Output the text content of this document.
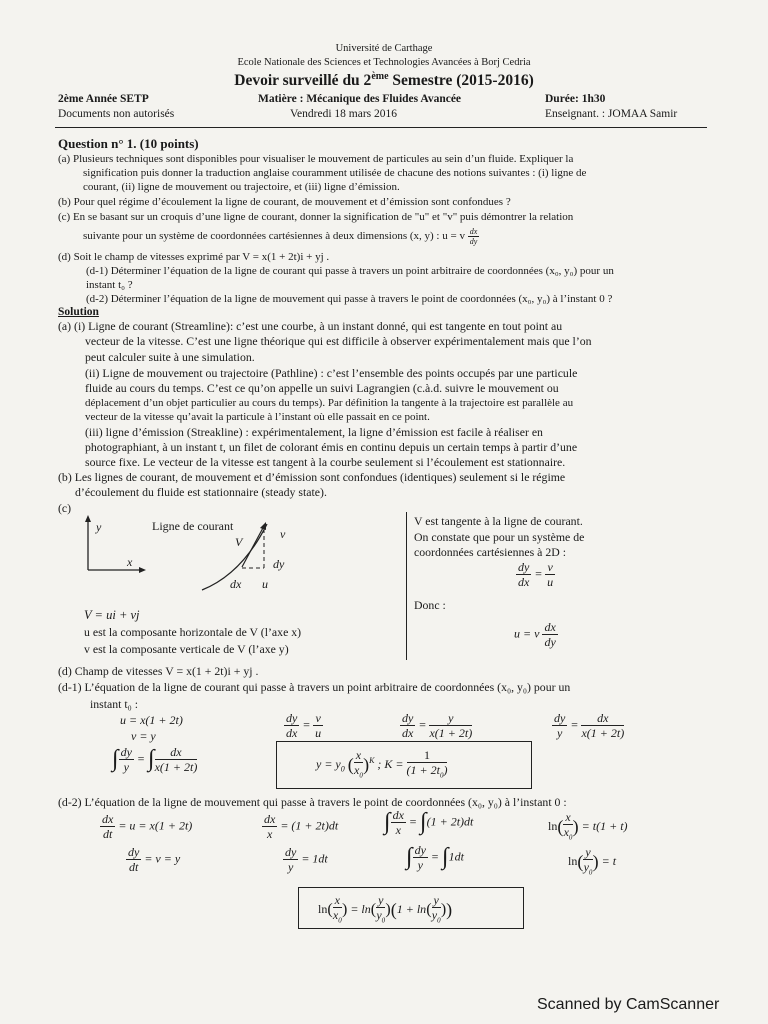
Université de Carthage
Ecole Nationale des Sciences et Technologies Avancées à Borj Cedria
Devoir surveillé du 2ème Semestre (2015-2016)
2ème Année SETP	Matière : Mécanique des Fluides Avancée	Durée: 1h30
Documents non autorisés	Vendredi 18 mars 2016	Enseignant. : JOMAA Samir
Question n° 1. (10 points)
(a) Plusieurs techniques sont disponibles pour visualiser le mouvement de particules au sein d’un fluide. Expliquer la
signification puis donner la traduction anglaise couramment utilisée de chacune des notions suivantes : (i) ligne de
courant, (ii) ligne de mouvement ou trajectoire, et (iii) ligne d’émission.
(b) Pour quel régime d’écoulement la ligne de courant, de mouvement et d’émission sont confondues ?
(c) En se basant sur un croquis d’une ligne de courant, donner la signification de "u" et "v" puis démontrer la relation
suivante pour un système de coordonnées cartésiennes à deux dimensions (x, y) : u = v $\frac{dx}{dy}$
(d) Soit le champ de vitesses exprimé par V = x(1 + 2t)i + yj .
(d-1) Déterminer l’équation de la ligne de courant qui passe à travers un point arbitraire de coordonnées (x₀, y₀) pour un
instant t₀ ?
(d-2) Déterminer l’équation de la ligne de mouvement qui passe à travers le point de coordonnées (x₀, y₀) à l’instant 0 ?
Solution
(a) (i) Ligne de courant (Streamline): c’est une courbe, à un instant donné, qui est tangente en tout point au
vecteur de la vitesse. C’est une ligne théorique qui est difficile à observer expérimentalement mais que l’on
peut calculer suite à une simulation.
(ii) Ligne de mouvement ou trajectoire (Pathline) : c’est l’ensemble des points occupés par une particule
fluide au cours du temps. C’est ce qu’on appelle un suivi Lagrangien (c.à.d. suivre le mouvement ou
déplacement d’un objet particulier au cours du temps). Par définition la tangente à la trajectoire est parallèle au
vecteur de la vitesse qu’avait la particule à l’instant où elle passait en ce point.
(iii) ligne d’émission (Streakline) : expérimentalement, la ligne d’émission est facile à réaliser en
photographiant, à un instant t, un filet de colorant émis en continu depuis un certain temps à partir d’une
source fixe. Le vecteur de la vitesse est tangent à la courbe seulement si l’écoulement est stationnaire.
(b) Les lignes de courant, de mouvement et d’émission sont confondues (identiques) seulement si le régime
d’écoulement du fluide est stationnaire (steady state).
(c)
y
x
Ligne de courant
V
v
dy
dx u
V = ui + vj
u est la composante horizontale de V (l’axe x)
v est la composante verticale de V (l’axe y)
V est tangente à la ligne de courant.
On constate que pour un système de
coordonnées cartésiennes à 2D :
$\frac{dy}{dx} = \frac{v}{u}$
Donc :
u = v $\frac{dx}{dy}$
(d) Champ de vitesses V = x(1 + 2t)i + yj .
(d-1) L’équation de la ligne de courant qui passe à travers un point arbitraire de coordonnées (x₀, y₀) pour un
instant t₀ :
u = x(1 + 2t)
v = y	$\frac{dy}{dx} = \frac{v}{u}$	$\frac{dy}{dx} = \frac{y}{x(1 + 2t)}$	$\frac{dy}{y} = \frac{dx}{x(1 + 2t)}$
∫ $\frac{dy}{y}$ = ∫ $\frac{dx}{x(1 + 2t)}$	$y = y_0$ ( $\frac{x}{x_0} )^K$ ; $K = \frac{1}{(1 + 2t_0)}$
(d-2) L’équation de la ligne de mouvement qui passe à travers le point de coordonnées (x₀, y₀) à l’instant 0 :
$\frac{dx}{dt} = u = x(1 + 2t)$	$\frac{dx}{x} = (1 + 2t)dt$ ∫ $\frac{dx}{x} = \int(1 + 2t)dt$	$\ln( \frac{x}{x_0}$ ) = t(1 + t)
$\frac{dy}{dt} = v = y$	$\frac{dy}{y} = 1dt$	∫ $\frac{dy}{y} = \int 1dt$	$\ln( \frac{y}{y_0}$ ) = t
$\ln( \frac{x}{x_0}$ ) = $\ln( \frac{y}{y_0} )(1 + \ln( \frac{y}{y_0}$ ))
Scanned by CamScanner
